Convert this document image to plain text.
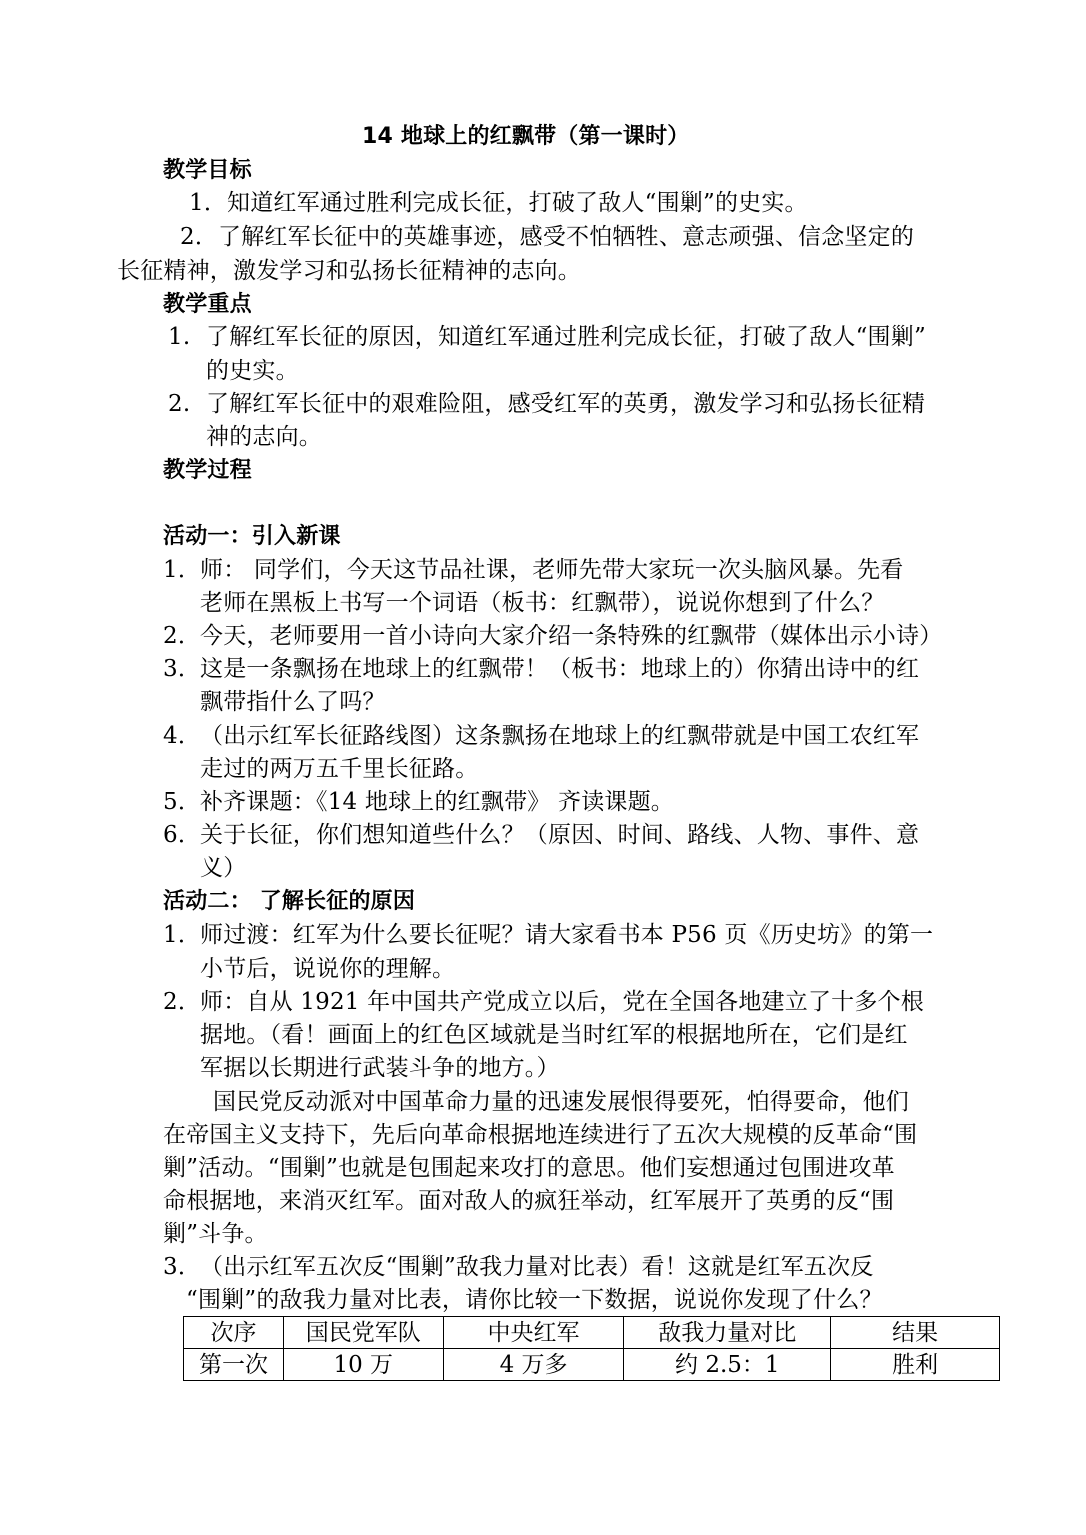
14 地球上的红飘带（第一课时）
教学目标
1．知道红军通过胜利完成长征，打破了敌人“围剿”的史实。
2．了解红军长征中的英雄事迹，感受不怕牺牲、意志顽强、信念坚定的
长征精神，激发学习和弘扬长征精神的志向。
教学重点
1. 了解红军长征的原因，知道红军通过胜利完成长征，打破了敌人“围剿”
的史实。
2. 了解红军长征中的艰难险阻，感受红军的英勇，激发学习和弘扬长征精
神的志向。
教学过程
活动一：引入新课
1．
师： 同学们，今天这节品社课，老师先带大家玩一次头脑风暴。先看
老师在黑板上书写一个词语（板书：红飘带），说说你想到了什么？
2．
今天，老师要用一首小诗向大家介绍一条特殊的红飘带（媒体出示小诗）
3．
这是一条飘扬在地球上的红飘带！（板书：地球上的）你猜出诗中的红
飘带指什么了吗？
4．
（出示红军长征路线图）这条飘扬在地球上的红飘带就是中国工农红军
走过的两万五千里长征路。
5．
补齐课题：《14 地球上的红飘带》 齐读课题。
6．
关于长征，你们想知道些什么？（原因、时间、路线、人物、事件、意
义）
活动二： 了解长征的原因
1．
师过渡：红军为什么要长征呢？请大家看书本 P56 页《历史坊》的第一
小节后，说说你的理解。
2．
师：自从 1921 年中国共产党成立以后，党在全国各地建立了十多个根
据地。（看！画面上的红色区域就是当时红军的根据地所在，它们是红
军据以长期进行武装斗争的地方。）
国民党反动派对中国革命力量的迅速发展恨得要死，怕得要命，他们
在帝国主义支持下，先后向革命根据地连续进行了五次大规模的反革命“围
剿”活动。“围剿”也就是包围起来攻打的意思。他们妄想通过包围进攻革
命根据地，来消灭红军。面对敌人的疯狂举动，红军展开了英勇的反“围
剿”斗争。
3．
（出示红军五次反“围剿”敌我力量对比表）看！这就是红军五次反
“围剿”的敌我力量对比表，请你比较一下数据，说说你发现了什么？
次序	国民党军队	中央红军	敌我力量对比	结果
第一次	10 万	4 万多	约 2.5：1	胜利
